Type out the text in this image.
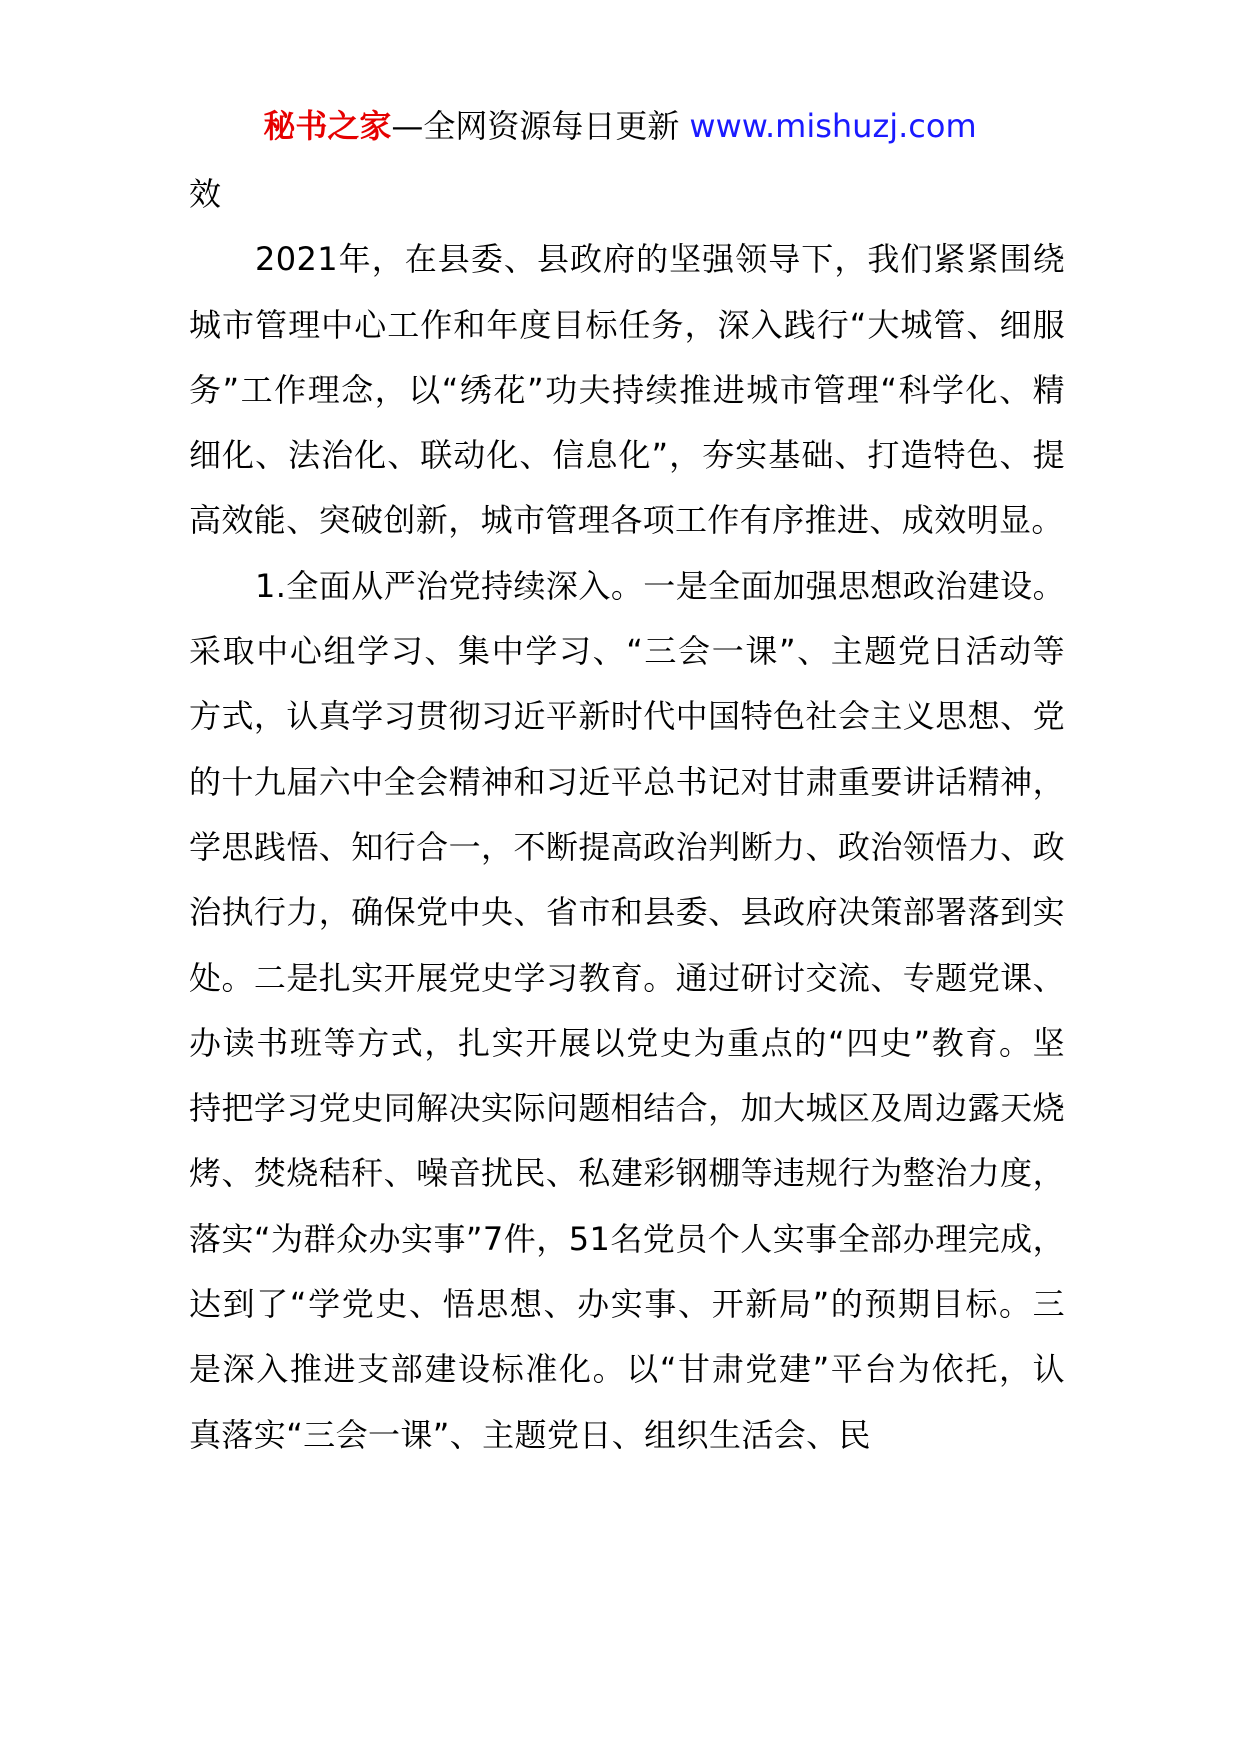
秘书之家—全网资源每日更新 www.mishuzj.com

效

2021年，在县委、县政府的坚强领导下，我们紧紧围绕城市管理中心工作和年度目标任务，深入践行“大城管、细服务”工作理念，以“绣花”功夫持续推进城市管理“科学化、精细化、法治化、联动化、信息化”，夯实基础、打造特色、提高效能、突破创新，城市管理各项工作有序推进、成效明显。

1.全面从严治党持续深入。一是全面加强思想政治建设。采取中心组学习、集中学习、“三会一课”、主题党日活动等方式，认真学习贯彻习近平新时代中国特色社会主义思想、党的十九届六中全会精神和习近平总书记对甘肃重要讲话精神，学思践悟、知行合一，不断提高政治判断力、政治领悟力、政治执行力，确保党中央、省市和县委、县政府决策部署落到实处。二是扎实开展党史学习教育。通过研讨交流、专题党课、办读书班等方式，扎实开展以党史为重点的“四史”教育。坚持把学习党史同解决实际问题相结合，加大城区及周边露天烧烤、焚烧秸秆、噪音扰民、私建彩钢棚等违规行为整治力度，落实“为群众办实事”7件，51名党员个人实事全部办理完成，达到了“学党史、悟思想、办实事、开新局”的预期目标。三是深入推进支部建设标准化。以“甘肃党建”平台为依托，认真落实“三会一课”、主题党日、组织生活会、民
